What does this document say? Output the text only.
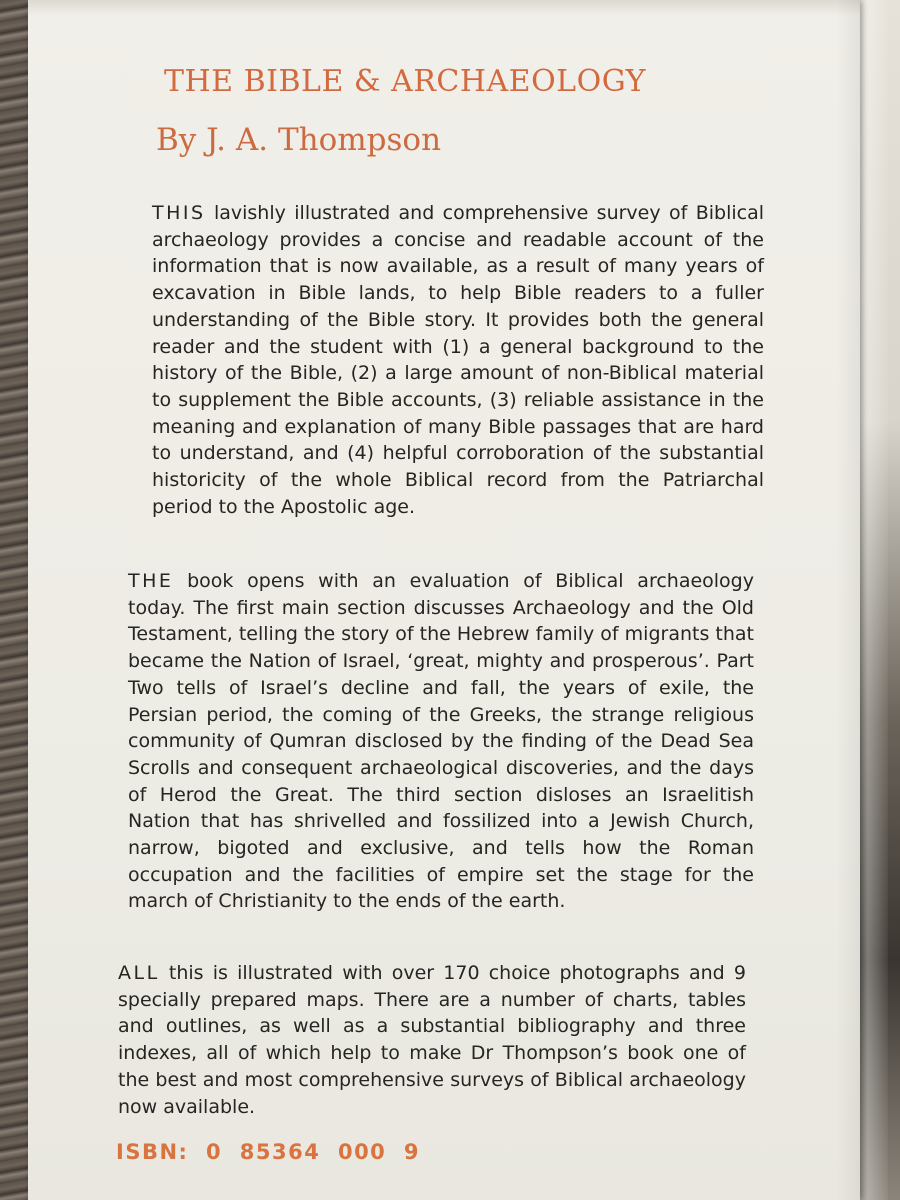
THE BIBLE & ARCHAEOLOGY
By J. A. Thompson

THIS lavishly illustrated and comprehensive survey of Biblical archaeology provides a concise and readable account of the information that is now available, as a result of many years of excavation in Bible lands, to help Bible readers to a fuller understanding of the Bible story. It provides both the general reader and the student with (1) a general background to the history of the Bible, (2) a large amount of non-Biblical material to supplement the Bible accounts, (3) reliable assistance in the meaning and explanation of many Bible passages that are hard to understand, and (4) helpful corroboration of the substantial historicity of the whole Biblical record from the Patriarchal period to the Apostolic age.

THE book opens with an evaluation of Biblical archaeology today. The first main section discusses Archaeology and the Old Testament, telling the story of the Hebrew family of migrants that became the Nation of Israel, ‘great, mighty and prosperous’. Part Two tells of Israel’s decline and fall, the years of exile, the Persian period, the coming of the Greeks, the strange religious community of Qumran disclosed by the finding of the Dead Sea Scrolls and consequent archaeological discoveries, and the days of Herod the Great. The third section disloses an Israelitish Nation that has shrivelled and fossilized into a Jewish Church, narrow, bigoted and exclusive, and tells how the Roman occupation and the facilities of empire set the stage for the march of Christianity to the ends of the earth.

ALL this is illustrated with over 170 choice photographs and 9 specially prepared maps. There are a number of charts, tables and outlines, as well as a substantial bibliography and three indexes, all of which help to make Dr Thompson’s book one of the best and most comprehensive surveys of Biblical archaeology now available.

ISBN:  0  85364  000  9
